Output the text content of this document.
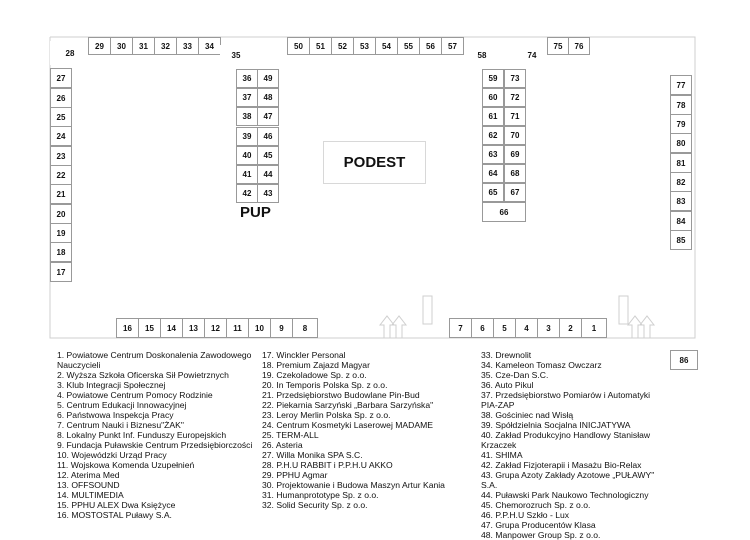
28
29	30	31	32	33	34
35
50	51	52	53	54	55	56	57
58	74
75	76
27
26
25
24
23
22
21
20
19
18
17
36	49
37	48
38	47
39	46
40	45
41	44
42	43
PUP
PODEST
59	73
60	72
61	71
62	70
63	69
64	68
65	67
66
77
78
79
80
81
82
83
84
85
86
16	15	14	13	12	11	10	9	8	7	6	5	4	3	2	1
1. Powiatowe Centrum Doskonalenia Zawodowego Nauczycieli
2. Wyższa Szkoła Oficerska Sił Powietrznych
3. Klub Integracji Społecznej
4. Powiatowe Centrum Pomocy Rodzinie
5. Centrum Edukacji Innowacyjnej
6. Państwowa Inspekcja Pracy
7. Centrum Nauki i Biznesu"ŻAK"
8. Lokalny Punkt Inf. Funduszy Europejskich
9. Fundacja Puławskie Centrum Przedsiębiorczości
10. Wojewódzki Urząd Pracy
11. Wojskowa Komenda Uzupełnień
12. Aterima Med
13. OFFSOUND
14. MULTIMEDIA
15. PPHU ALEX Dwa Księżyce
16. MOSTOSTAL Puławy S.A.
17. Winckler Personal
18. Premium Zajazd Magyar
19. Czekoladowe Sp. z o.o.
20. In Temporis Polska Sp. z o.o.
21. Przedsiębiorstwo Budowlane Pin-Bud
22. Piekarnia Sarzyński „Barbara Sarzyńska"
23. Leroy Merlin Polska Sp. z o.o.
24. Centrum Kosmetyki Laserowej MADAME
25. TERM-ALL
26. Asteria
27. Willa Monika SPA S.C.
28. P.H.U RABBIT i P.P.H.U AKKO
29. PPHU Agmar
30. Projektowanie i Budowa Maszyn Artur Kania
31. Humanprototype Sp. z o.o.
32. Solid Security Sp. z o.o.
33. Drewnolit
34. Kameleon Tomasz Owczarz
35. Cze-Dan S.C.
36. Auto Pikul
37. Przedsiębiorstwo Pomiarów i Automatyki PIA-ZAP
38. Gościniec nad Wisłą
39. Spółdzielnia Socjalna INICJATYWA
40. Zakład Produkcyjno Handlowy Stanisław Krzaczek
41. SHIMA
42. Zakład Fizjoterapii i Masażu Bio-Relax
43. Grupa Azoty Zakłady Azotowe „PUŁAWY" S.A.
44. Puławski Park Naukowo Technologiczny
45. Chemorozruch Sp. z o.o.
46. P.P.H.U Szkło - Lux
47. Grupa Producentów Klasa
48. Manpower Group Sp. z o.o.
